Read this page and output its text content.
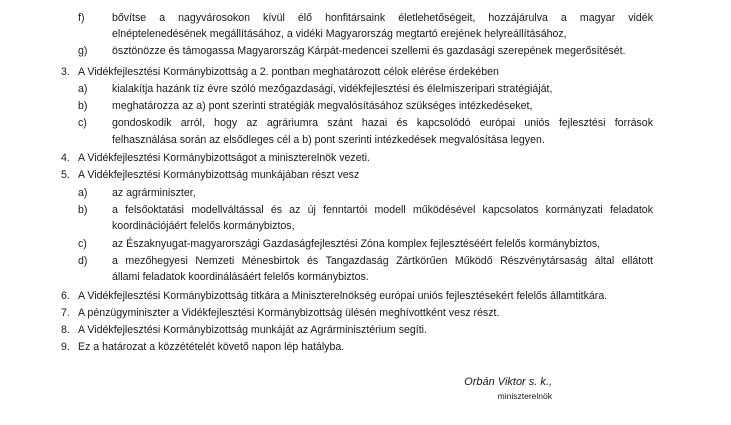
f)	bővítse a nagyvárosokon kívül élő honfitársaink életlehetőségeit, hozzájárulva a magyar vidék
elnéptelenedésének megállításához, a vidéki Magyarország megtartó erejének helyreállításához,
g)	ösztönözze és támogassa Magyarország Kárpát-medencei szellemi és gazdasági szerepének megerősítését.
3. A Vidékfejlesztési Kormánybizottság a 2. pontban meghatározott célok elérése érdekében
a)	kialakítja hazánk tíz évre szóló mezőgazdasági, vidékfejlesztési és élelmiszeripari stratégiáját,
b)	meghatározza az a) pont szerinti stratégiák megvalósításához szükséges intézkedéseket,
c)	gondoskodik arról, hogy az agráriumra szánt hazai és kapcsolódó európai uniós fejlesztési források
felhasználása során az elsődleges cél a b) pont szerinti intézkedések megvalósítása legyen.
4. A Vidékfejlesztési Kormánybizottságot a miniszterelnök vezeti.
5. A Vidékfejlesztési Kormánybizottság munkájában részt vesz
a)	az agrárminiszter,
b)	a felsőoktatási modellváltással és az új fenntartói modell működésével kapcsolatos kormányzati feladatok
koordinációjáért felelős kormánybiztos,
c)	az Északnyugat-magyarországi Gazdaságfejlesztési Zóna komplex fejlesztéséért felelős kormánybiztos,
d)	a mezőhegyesi Nemzeti Ménesbirtok és Tangazdaság Zártkörűen Működő Részvénytársaság által ellátott
állami feladatok koordinálásáért felelős kormánybiztos.
6. A Vidékfejlesztési Kormánybizottság titkára a Miniszterelnökség európai uniós fejlesztésekért felelős államtitkára.
7. A pénzügyminiszter a Vidékfejlesztési Kormánybizottság ülésén meghívottként vesz részt.
8. A Vidékfejlesztési Kormánybizottság munkáját az Agrárminisztérium segíti.
9. Ez a határozat a közzétételét követő napon lép hatályba.
Orbán Viktor s. k.,
miniszterelnök
